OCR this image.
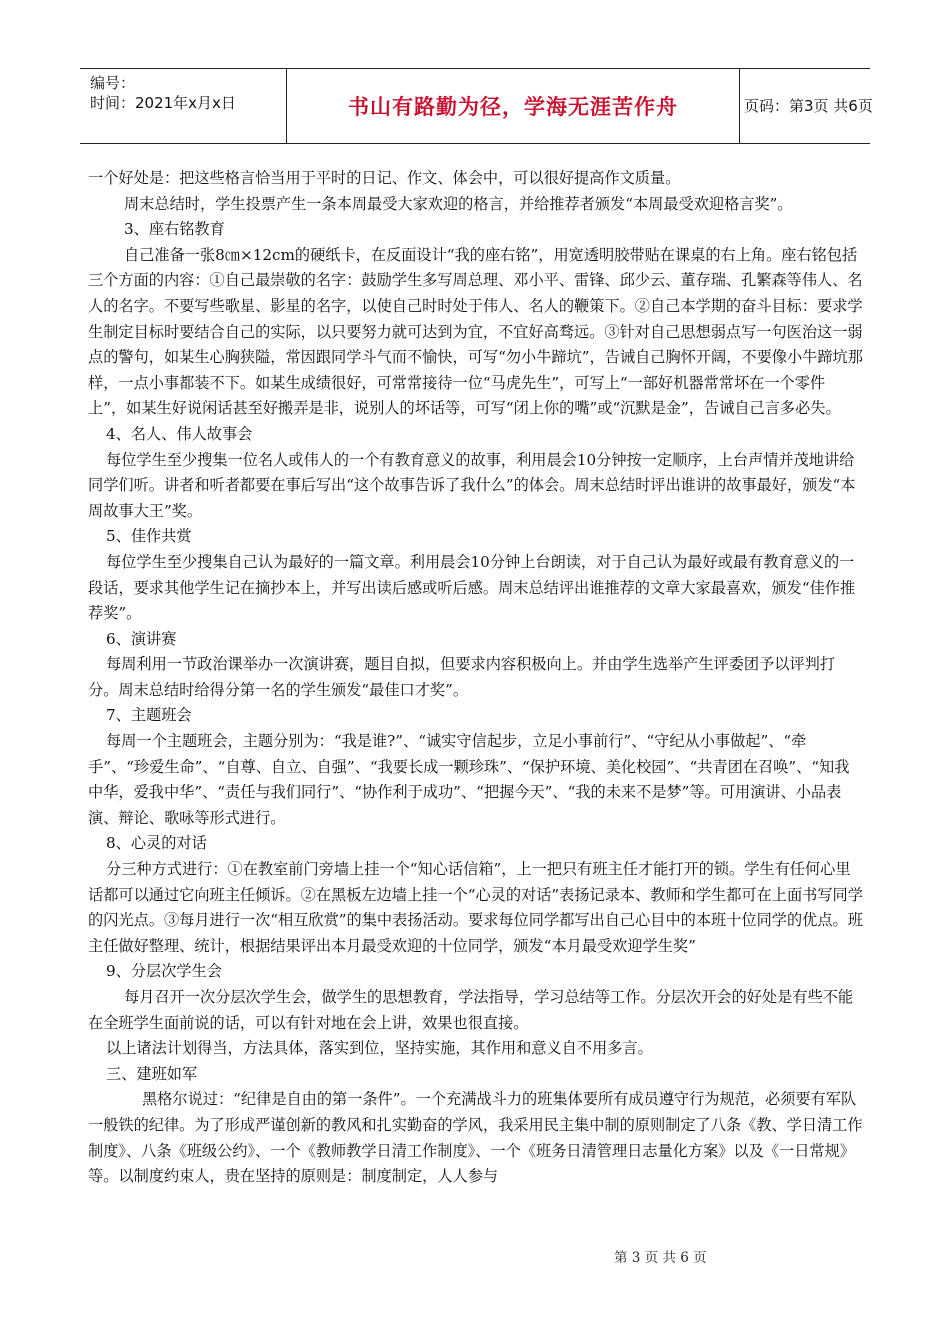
编号：
时间：2021年x月x日	书山有路勤为径，学海无涯苦作舟	页码：第3页 共6页

一个好处是：把这些格言恰当用于平时的日记、作文、体会中，可以很好提高作文质量。

周末总结时，学生投票产生一条本周最受大家欢迎的格言，并给推荐者颁发“本周最受欢迎格言奖”。

3、座右铭教育

自己准备一张8㎝×12cm的硬纸卡，在反面设计“我的座右铭”，用宽透明胶带贴在课桌的右上角。座右铭包括三个方面的内容：①自己最崇敬的名字：鼓励学生多写周总理、邓小平、雷锋、邱少云、董存瑞、孔繁森等伟人、名人的名字。不要写些歌星、影星的名字，以使自己时时处于伟人、名人的鞭策下。②自己本学期的奋斗目标：要求学生制定目标时要结合自己的实际，以只要努力就可达到为宜，不宜好高骛远。③针对自己思想弱点写一句医治这一弱点的警句，如某生心胸狭隘，常因跟同学斗气而不愉快，可写“勿小牛蹄坑”，告诫自己胸怀开阔，不要像小牛蹄坑那样，一点小事都装不下。如某生成绩很好，可常常接待一位“马虎先生”，可写上“一部好机器常常坏在一个零件上”，如某生好说闲话甚至好搬弄是非，说别人的坏话等，可写“闭上你的嘴”或“沉默是金”，告诫自己言多必失。

4、名人、伟人故事会

每位学生至少搜集一位名人或伟人的一个有教育意义的故事，利用晨会10分钟按一定顺序，上台声情并茂地讲给同学们听。讲者和听者都要在事后写出“这个故事告诉了我什么”的体会。周末总结时评出谁讲的故事最好，颁发“本周故事大王”奖。

5、佳作共赏

每位学生至少搜集自己认为最好的一篇文章。利用晨会10分钟上台朗读，对于自己认为最好或最有教育意义的一段话，要求其他学生记在摘抄本上，并写出读后感或听后感。周末总结评出谁推荐的文章大家最喜欢，颁发“佳作推荐奖”。

6、演讲赛

每周利用一节政治课举办一次演讲赛，题目自拟，但要求内容积极向上。并由学生选举产生评委团予以评判打分。周末总结时给得分第一名的学生颁发“最佳口才奖”。

7、主题班会

每周一个主题班会，主题分别为：“我是谁?”、“诚实守信起步，立足小事前行”、“守纪从小事做起”、“牵手”、“珍爱生命”、“自尊、自立、自强”、“我要长成一颗珍珠”、“保护环境、美化校园”、“共青团在召唤”、“知我中华，爱我中华”、“责任与我们同行”、“协作利于成功”、“把握今天”、“我的未来不是梦”等。可用演讲、小品表演、辩论、歌咏等形式进行。

8、心灵的对话

分三种方式进行：①在教室前门旁墙上挂一个“知心话信箱”，上一把只有班主任才能打开的锁。学生有任何心里话都可以通过它向班主任倾诉。②在黑板左边墙上挂一个“心灵的对话”表扬记录本、教师和学生都可在上面书写同学的闪光点。③每月进行一次“相互欣赏”的集中表扬活动。要求每位同学都写出自己心目中的本班十位同学的优点。班主任做好整理、统计，根据结果评出本月最受欢迎的十位同学，颁发“本月最受欢迎学生奖”

9、分层次学生会

每月召开一次分层次学生会，做学生的思想教育，学法指导，学习总结等工作。分层次开会的好处是有些不能在全班学生面前说的话，可以有针对地在会上讲，效果也很直接。

以上诸法计划得当，方法具体，落实到位，坚持实施，其作用和意义自不用多言。

三、建班如军

黑格尔说过：“纪律是自由的第一条件”。一个充满战斗力的班集体要所有成员遵守行为规范，必须要有军队一般铁的纪律。为了形成严谨创新的教风和扎实勤奋的学风，我采用民主集中制的原则制定了八条《教、学日清工作制度》、八条《班级公约》、一个《教师教学日清工作制度》、一个《班务日清管理日志量化方案》以及《一日常规》等。以制度约束人，贵在坚持的原则是：制度制定，人人参与

第 3 页 共 6 页
